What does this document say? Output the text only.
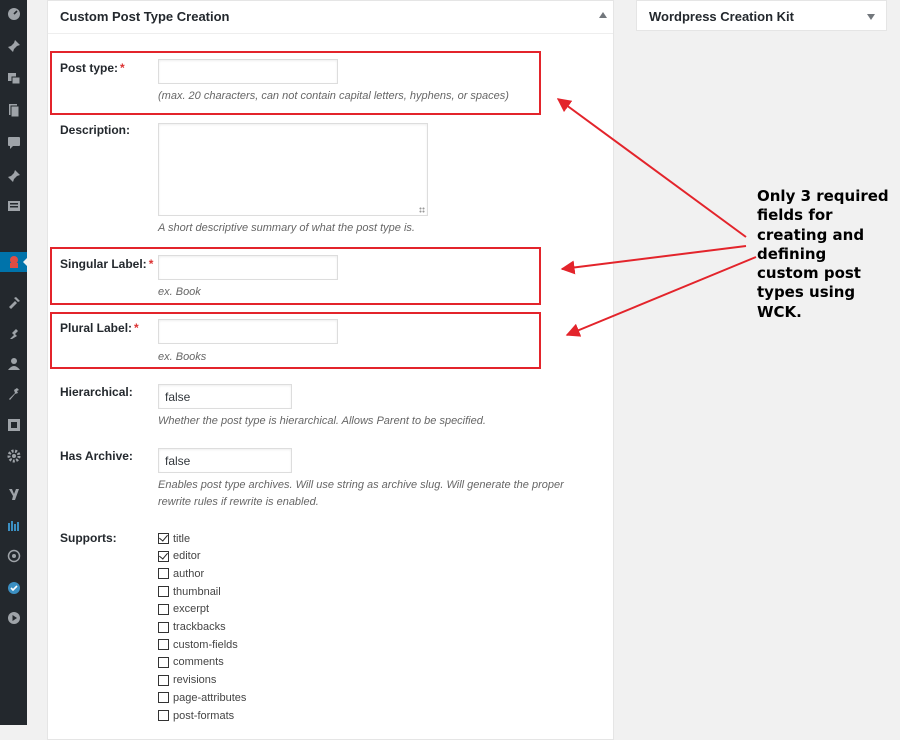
Custom Post Type Creation
Post type: *
(max. 20 characters, can not contain capital letters, hyphens, or spaces)
Description:
A short descriptive summary of what the post type is.
Singular Label: *
ex. Book
Plural Label: *
ex. Books
Hierarchical:
false
Whether the post type is hierarchical. Allows Parent to be specified.
Has Archive:
false
Enables post type archives. Will use string as archive slug. Will generate the proper
rewrite rules if rewrite is enabled.
Supports:	title
editor
author
thumbnail
excerpt
trackbacks
custom-fields
comments
revisions
page-attributes
post-formats
Wordpress Creation Kit
Only 3 required
fields for
creating and
defining
custom post
types using
WCK.
